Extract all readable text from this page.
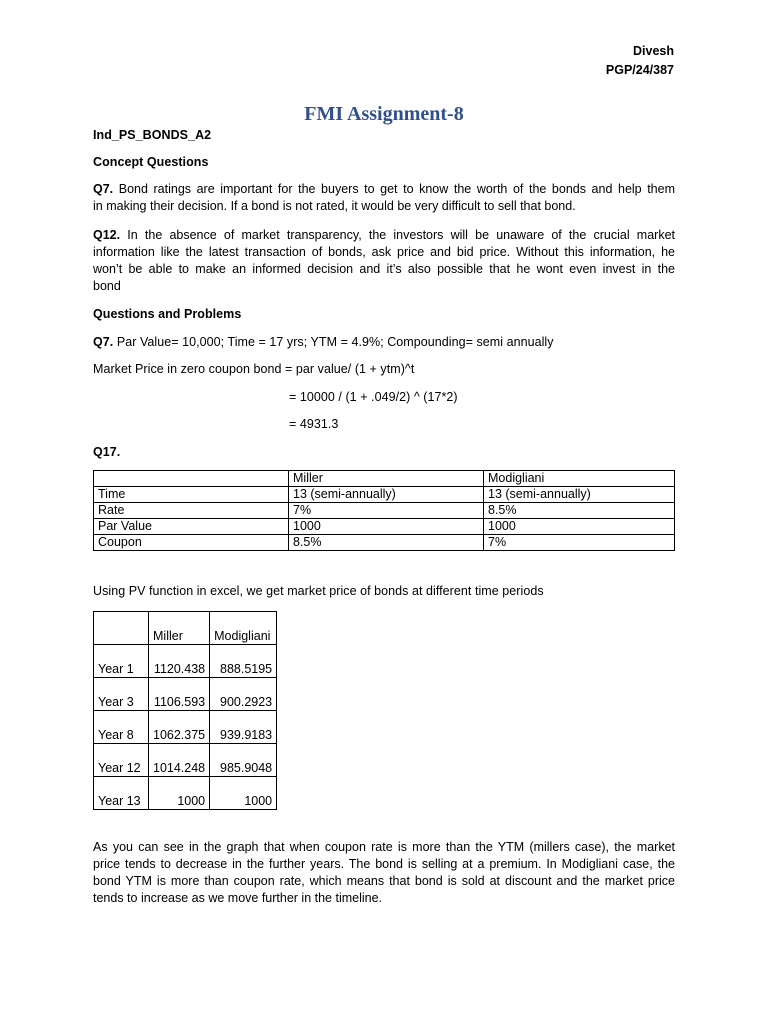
Divesh
PGP/24/387
FMI Assignment-8
Ind_PS_BONDS_A2
Concept Questions
Q7. Bond ratings are important for the buyers to get to know the worth of the bonds and help them
in making their decision. If a bond is not rated, it would be very difficult to sell that bond.
Q12. In the absence of market transparency, the investors will be unaware of the crucial market
information like the latest transaction of bonds, ask price and bid price. Without this information, he
won’t be able to make an informed decision and it’s also possible that he wont even invest in the
bond
Questions and Problems
Q7. Par Value= 10,000; Time = 17 yrs; YTM = 4.9%; Compounding= semi annually
Market Price in zero coupon bond = par value/ (1 + ytm)^t
= 10000 / (1 + .049/2) ^ (17*2)
= 4931.3
Q17.
	Miller	Modigliani
Time	13 (semi-annually)	13 (semi-annually)
Rate	7%	8.5%
Par Value	1000	1000
Coupon	8.5%	7%
Using PV function in excel, we get market price of bonds at different time periods
	Miller	Modigliani
Year 1	1120.438	888.5195
Year 3	1106.593	900.2923
Year 8	1062.375	939.9183
Year 12	1014.248	985.9048
Year 13	1000	1000
As you can see in the graph that when coupon rate is more than the YTM (millers case), the market
price tends to decrease in the further years. The bond is selling at a premium. In Modigliani case, the
bond YTM is more than coupon rate, which means that bond is sold at discount and the market price
tends to increase as we move further in the timeline.
